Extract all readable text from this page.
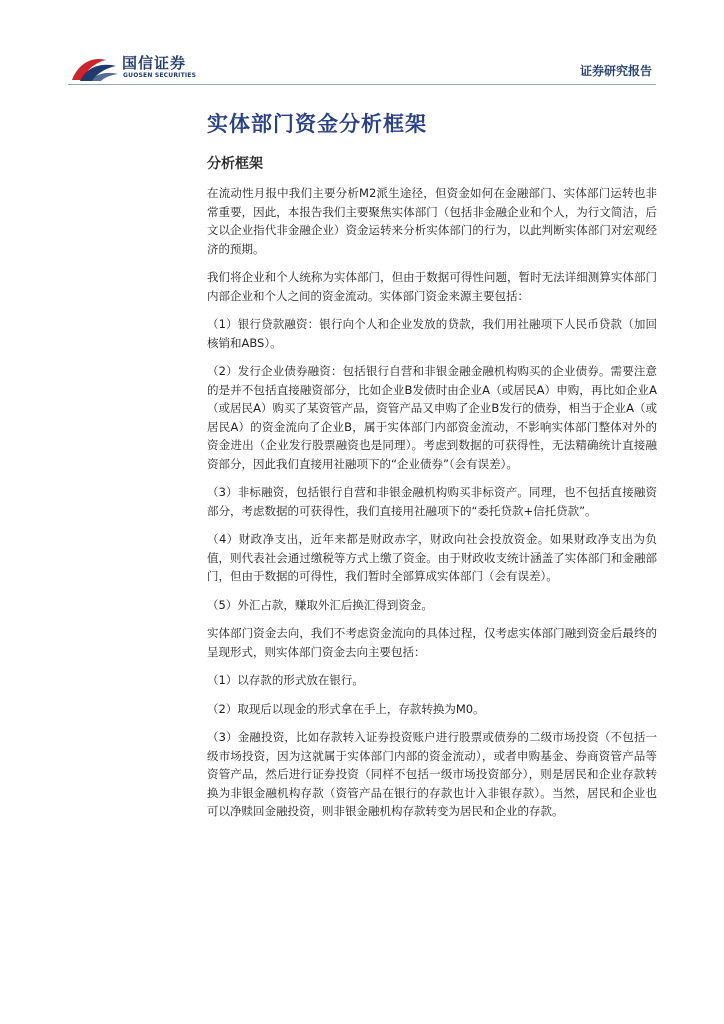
国信证券
GUOSEN SECURITIES	证券研究报告
实体部门资金分析框架
分析框架

在流动性月报中我们主要分析M2派生途径，但资金如何在金融部门、实体部门运转也非常重要，因此，本报告我们主要聚焦实体部门（包括非金融企业和个人，为行文简洁，后文以企业指代非金融企业）资金运转来分析实体部门的行为，以此判断实体部门对宏观经济的预期。

我们将企业和个人统称为实体部门，但由于数据可得性问题，暂时无法详细测算实体部门内部企业和个人之间的资金流动。实体部门资金来源主要包括：

（1）银行贷款融资：银行向个人和企业发放的贷款，我们用社融项下人民币贷款（加回核销和ABS）。

（2）发行企业债券融资：包括银行自营和非银金融金融机构购买的企业债券。需要注意的是并不包括直接融资部分，比如企业B发债时由企业A（或居民A）申购，再比如企业A（或居民A）购买了某资管产品，资管产品又申购了企业B发行的债券，相当于企业A（或居民A）的资金流向了企业B，属于实体部门内部资金流动，不影响实体部门整体对外的资金进出（企业发行股票融资也是同理）。考虑到数据的可获得性，无法精确统计直接融资部分，因此我们直接用社融项下的“企业债券”（会有误差）。

（3）非标融资，包括银行自营和非银金融机构购买非标资产。同理，也不包括直接融资部分，考虑数据的可获得性，我们直接用社融项下的“委托贷款+信托贷款”。

（4）财政净支出，近年来都是财政赤字，财政向社会投放资金。如果财政净支出为负值，则代表社会通过缴税等方式上缴了资金。由于财政收支统计涵盖了实体部门和金融部门，但由于数据的可得性，我们暂时全部算成实体部门（会有误差）。

（5）外汇占款，赚取外汇后换汇得到资金。

实体部门资金去向，我们不考虑资金流向的具体过程，仅考虑实体部门融到资金后最终的呈现形式，则实体部门资金去向主要包括：

（1）以存款的形式放在银行。

（2）取现后以现金的形式拿在手上，存款转换为M0。

（3）金融投资，比如存款转入证券投资账户进行股票或债券的二级市场投资（不包括一级市场投资，因为这就属于实体部门内部的资金流动），或者申购基金、券商资管产品等资管产品，然后进行证券投资（同样不包括一级市场投资部分），则是居民和企业存款转换为非银金融机构存款（资管产品在银行的存款也计入非银存款）。当然，居民和企业也可以净赎回金融投资，则非银金融机构存款转变为居民和企业的存款。
